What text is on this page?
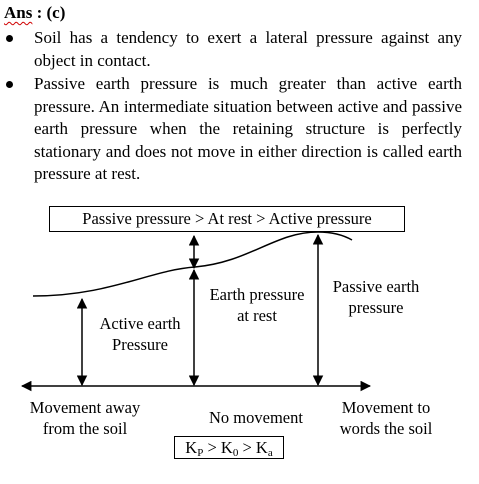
Ans : (c)
Soil has a tendency to exert a lateral pressure against any object in contact.
Passive earth pressure is much greater than active earth pressure. An intermediate situation between active and passive earth pressure when the retaining structure is perfectly stationary and does not move in either direction is called earth pressure at rest.
Passive pressure > At rest > Active pressure
Active earth
Pressure
Earth pressure
at rest
Passive earth
pressure
Movement away
from the soil
No movement
Movement to
words the soil
$K_P > K_0 > K_a$
